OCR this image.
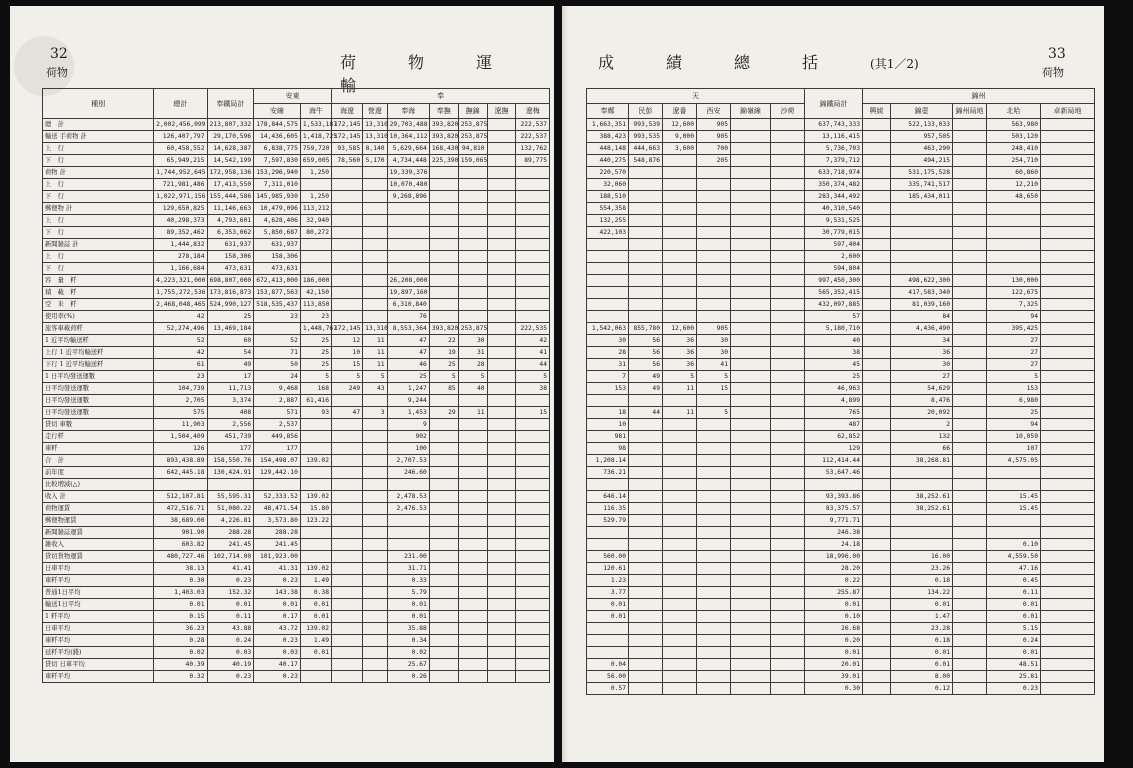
32
荷物
荷物運輸
種別	總計	奉鐵局計	安東		奉						
			安線	海牛	海遼	營遼	奉海	奉撫	撫錦	遼撫	遼梅
總　計	2,002,456,099	213,807,332	178,844,575	1,533,187	172,145	13,310	29,703,488	393,820	253,875		222,537
輸送 手荷物 計	126,407,797	29,170,596	14,436,605	1,418,725	172,145	13,310	10,364,112	393,820	253,875		222,537
上　行	60,458,552	14,628,387	6,838,775	759,720	93,585	8,140	5,629,664	168,430	94,810		132,762
下　行	65,949,215	14,542,199	7,597,830	659,005	78,560	5,170	4,734,448	225,390	159,065		89,775
荷物 計	1,744,952,645	172,958,136	153,296,940	1,250			19,339,376				
上　行	721,981,486	17,413,550	7,311,010				10,070,480				
下　行	1,022,971,156	155,444,586	145,985,930	1,250			9,268,896				
郵便物 計	129,650,825	11,146,663	10,479,096	113,212							
上　行	40,298,373	4,793,601	4,628,406	32,940							
下　行	89,352,462	6,353,062	5,850,687	80,272							
新聞雑誌 計	1,444,832	631,937	631,937								
上　行	278,184	158,306	158,306								
下　行	1,166,684	473,631	473,631								
容　量　粁	4,223,321,000	698,807,000	672,413,000	186,000			26,208,000				
積　載　粁	1,755,272,536	173,816,873	153,877,563	42,150			19,897,160				
空　米　粁	2,468,048,465	524,990,127	518,535,437	113,850			6,310,840				
使用率(%)	42	25	23	23			76				
旅客車載荷粁	52,274,496	13,469,184		1,448,767	172,145	13,310	8,553,364	393,820	253,875		222,535
1 近平均輸送粁	52	60	52	25	12	11	47	22	30		42
上行 1 近平均輸送粁	42	54	71	25	10	11	47	19	31		41
下行 1 近平均輸送粁	61	49	50	25	15	11	46	25	28		44
1 日平均發送運數	23	17	24	5	5	5	25	5	5		5
日平均發送運數	104,739	11,713	9,468	168	249	43	1,247	85	40		38
日平均發送運數	2,705	3,374	2,887	61,416			9,244				
日平均發送運數	575	408	571	93	47	3	1,453	29	11		15
貸切 車數	11,903	2,556	2,537				9				
走行粁	1,504,409	451,739	449,856				902				
車粁	126	177	177				100				
合　計	893,438.89	158,550.76	154,498.07	139.02			2,707.53				
前年度	642,445.18	130,424.91	129,442.10				246.60				
比較増減(△)											
收入 計	512,107.81	55,595.31	52,333.52	139.02			2,478.53				
荷物運賃	472,516.71	51,080.22	48,471.54	15.80			2,476.53				
郵便物運賃	38,689.00	4,226.81	3,573.80	123.22							
新聞雑誌運賃	901.90	288.28	288.28								
雑收入	603.82	241.45	241.45								
貸切貨物運賃	480,727.46	102,714.00	101,923.00				231.00				
日車平均	38.13	41.41	41.31	139.02			31.71				
車粁平均	0.30	0.23	0.23	1.49			0.33				
普通1日平均	1,403.03	152.32	143.38	0.38			5.79				
輸送1日平均	0.01	0.01	0.01	0.01			0.01				
1 粁平均	0.15	0.11	0.17	0.01			0.01				
日車平均	36.23	43.88	43.72	139.02			35.88				
車粁平均	0.28	0.24	0.23	1.49			0.34				
延粁平均(錢)	0.02	0.03	0.03	0.01			0.02				
貸切 日車平均	40.39	40.19	40.17				25.67				
車粁平均	0.32	0.23	0.23				0.26				
33
荷物
成績總括(其1／2)
天						錦鐵局計	錦州				
奉鄭	民彭	遼番	西安	錦嶺線	沙荷		興綾	錦壺	錦州局地	北哈	卓新局地
1,663,351	993,539	12,600	905			637,743,333		522,133,033		563,980	
388,423	993,535	9,000	905			13,116,415		957,505		503,120	
448,148	444,663	3,600	700			5,736,703		463,290		248,410	
440,275	548,876		205			7,379,712		494,215		254,710	
220,570						633,718,974		531,175,528		60,860	
32,060						350,374,482		335,741,517		12,210	
188,510						283,344,492		185,434,011		48,650	
554,358						40,310,540					
132,255						9,531,525					
422,103						30,779,015					
						597,404					
						2,600					
						594,804					
						997,450,300		498,622,300		130,000	
						565,352,415		417,583,340		122,675	
						432,097,885		81,039,160		7,325	
						57		84		94	
1,542,063	855,780	12,600	905			5,180,710		4,436,490		395,425	
30	56	36	30			40		34		27	
28	56	36	30			38		36		27	
31	56	36	41			45		30		27	
7	49	5	5			25		27		5	
153	49	11	15			46,963		54,629		153	
						4,899		8,476		6,980	
18	44	11	5			765		20,092		25	
10						487		2		94	
981						62,852		132		10,059	
98						129		66		107	
1,208.14						112,414.44		38,268.81		4,575.05	
736.21						53,647.46					

646.14						93,393.86		38,252.61		15.45	
116.35						83,375.57		38,252.61		15.45	
529.79						9,771.71					
						246.38					
						24.18				0.10	
560.00						18,996.00		16.00		4,559.50	
120.61						28.20		23.26		47.16	
1.23						0.22		0.18		0.45	
3.77						255.87		134.22		0.11	
0.01						0.01		0.01		0.01	
0.01						0.10		1.47		0.01	
						26.68		23.28		5.15	
						0.20		0.18		0.24	
						0.01		0.01		0.01	
0.04						20.01		0.01		48.51	
56.00						39.01		8.00		25.81	
0.57						0.30		0.12		0.23	
